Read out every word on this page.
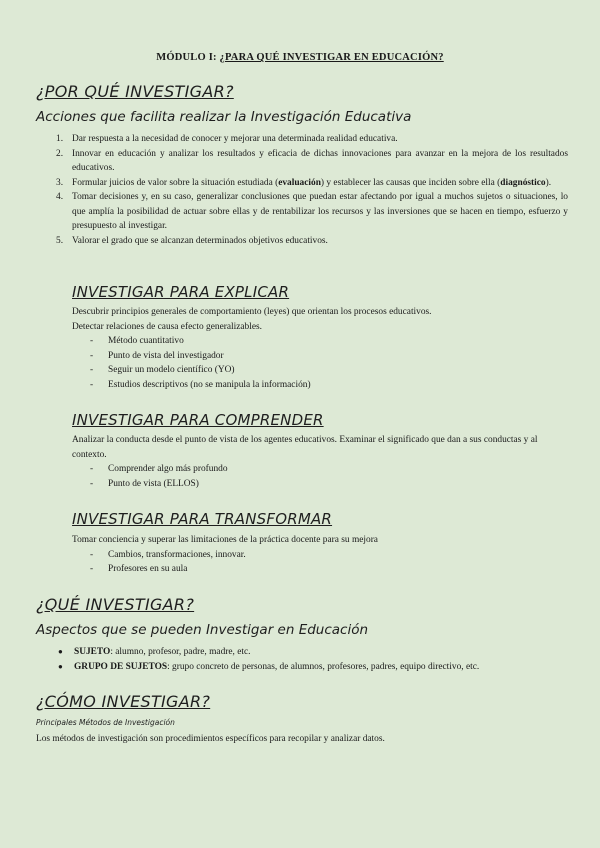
MÓDULO I: ¿PARA QUÉ INVESTIGAR EN EDUCACIÓN?
¿POR QUÉ INVESTIGAR?
Acciones que facilita realizar la Investigación Educativa
1. Dar respuesta a la necesidad de conocer y mejorar una determinada realidad educativa.
2. Innovar en educación y analizar los resultados y eficacia de dichas innovaciones para avanzar en la mejora de los resultados educativos.
3. Formular juicios de valor sobre la situación estudiada (evaluación) y establecer las causas que inciden sobre ella (diagnóstico).
4. Tomar decisiones y, en su caso, generalizar conclusiones que puedan estar afectando por igual a muchos sujetos o situaciones, lo que amplía la posibilidad de actuar sobre ellas y de rentabilizar los recursos y las inversiones que se hacen en tiempo, esfuerzo y presupuesto al investigar.
5. Valorar el grado que se alcanzan determinados objetivos educativos.
INVESTIGAR PARA EXPLICAR
Descubrir principios generales de comportamiento (leyes) que orientan los procesos educativos.
Detectar relaciones de causa efecto generalizables.
- Método cuantitativo
- Punto de vista del investigador
- Seguir un modelo científico (YO)
- Estudios descriptivos (no se manipula la información)
INVESTIGAR PARA COMPRENDER
Analizar la conducta desde el punto de vista de los agentes educativos. Examinar el significado que dan a sus conductas y al contexto.
- Comprender algo más profundo
- Punto de vista (ELLOS)
INVESTIGAR PARA TRANSFORMAR
Tomar conciencia y superar las limitaciones de la práctica docente para su mejora
- Cambios, transformaciones, innovar.
- Profesores en su aula
¿QUÉ INVESTIGAR?
Aspectos que se pueden Investigar en Educación
● SUJETO: alumno, profesor, padre, madre, etc.
● GRUPO DE SUJETOS: grupo concreto de personas, de alumnos, profesores, padres, equipo directivo, etc.
¿CÓMO INVESTIGAR?
Principales Métodos de Investigación
Los métodos de investigación son procedimientos específicos para recopilar y analizar datos.
